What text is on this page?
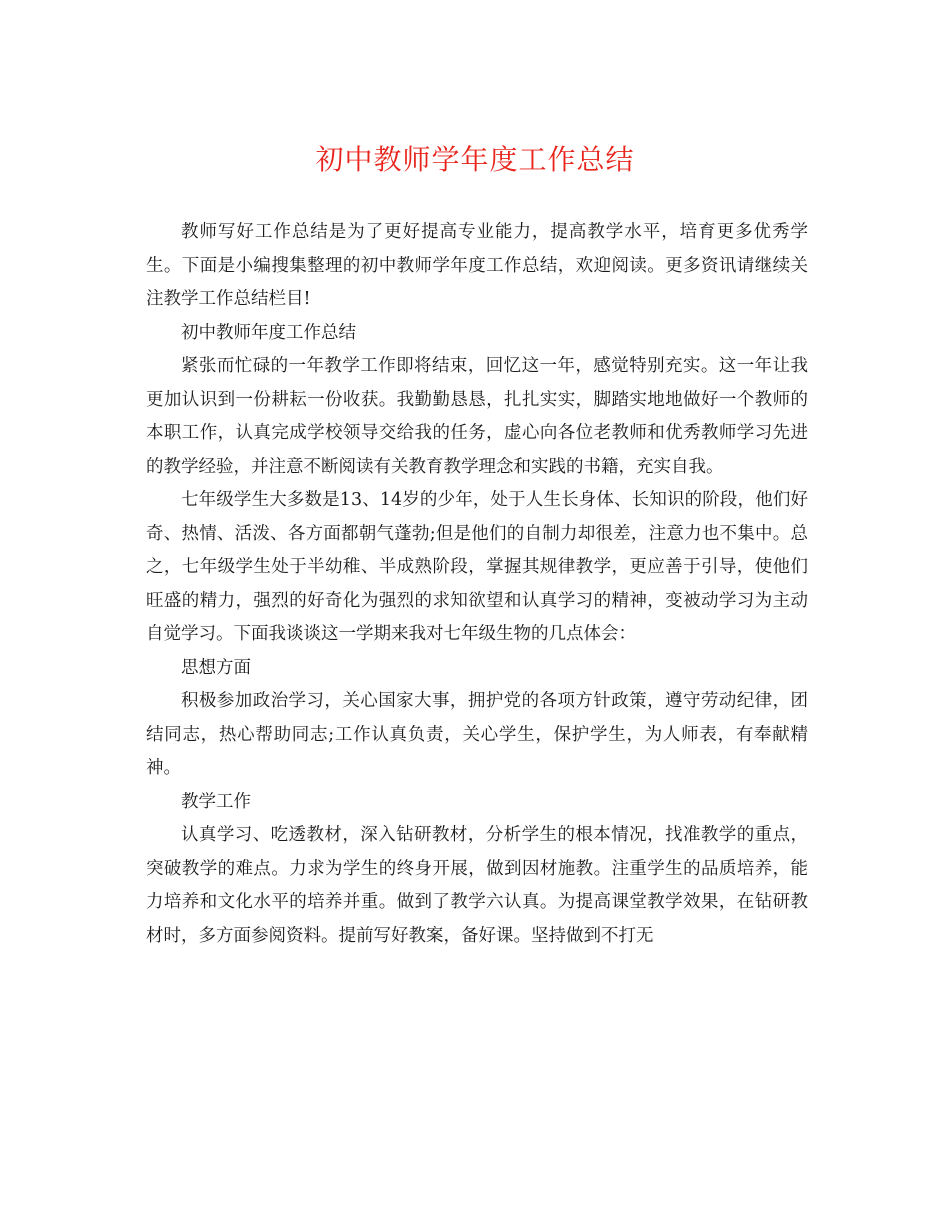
初中教师学年度工作总结

教师写好工作总结是为了更好提高专业能力，提高教学水平，培育更多优秀学生。下面是小编搜集整理的初中教师学年度工作总结，欢迎阅读。更多资讯请继续关注教学工作总结栏目!

初中教师年度工作总结

紧张而忙碌的一年教学工作即将结束，回忆这一年，感觉特别充实。这一年让我更加认识到一份耕耘一份收获。我勤勤恳恳，扎扎实实，脚踏实地地做好一个教师的本职工作，认真完成学校领导交给我的任务，虚心向各位老教师和优秀教师学习先进的教学经验，并注意不断阅读有关教育教学理念和实践的书籍，充实自我。

七年级学生大多数是13、14岁的少年，处于人生长身体、长知识的阶段，他们好奇、热情、活泼、各方面都朝气蓬勃;但是他们的自制力却很差，注意力也不集中。总之，七年级学生处于半幼稚、半成熟阶段，掌握其规律教学，更应善于引导，使他们旺盛的精力，强烈的好奇化为强烈的求知欲望和认真学习的精神，变被动学习为主动自觉学习。下面我谈谈这一学期来我对七年级生物的几点体会：

思想方面

积极参加政治学习，关心国家大事，拥护党的各项方针政策，遵守劳动纪律，团结同志，热心帮助同志;工作认真负责，关心学生，保护学生，为人师表，有奉献精神。

教学工作

认真学习、吃透教材，深入钻研教材，分析学生的根本情况，找准教学的重点，突破教学的难点。力求为学生的终身开展，做到因材施教。注重学生的品质培养，能力培养和文化水平的培养并重。做到了教学六认真。为提高课堂教学效果，在钻研教材时，多方面参阅资料。提前写好教案，备好课。坚持做到不打无
